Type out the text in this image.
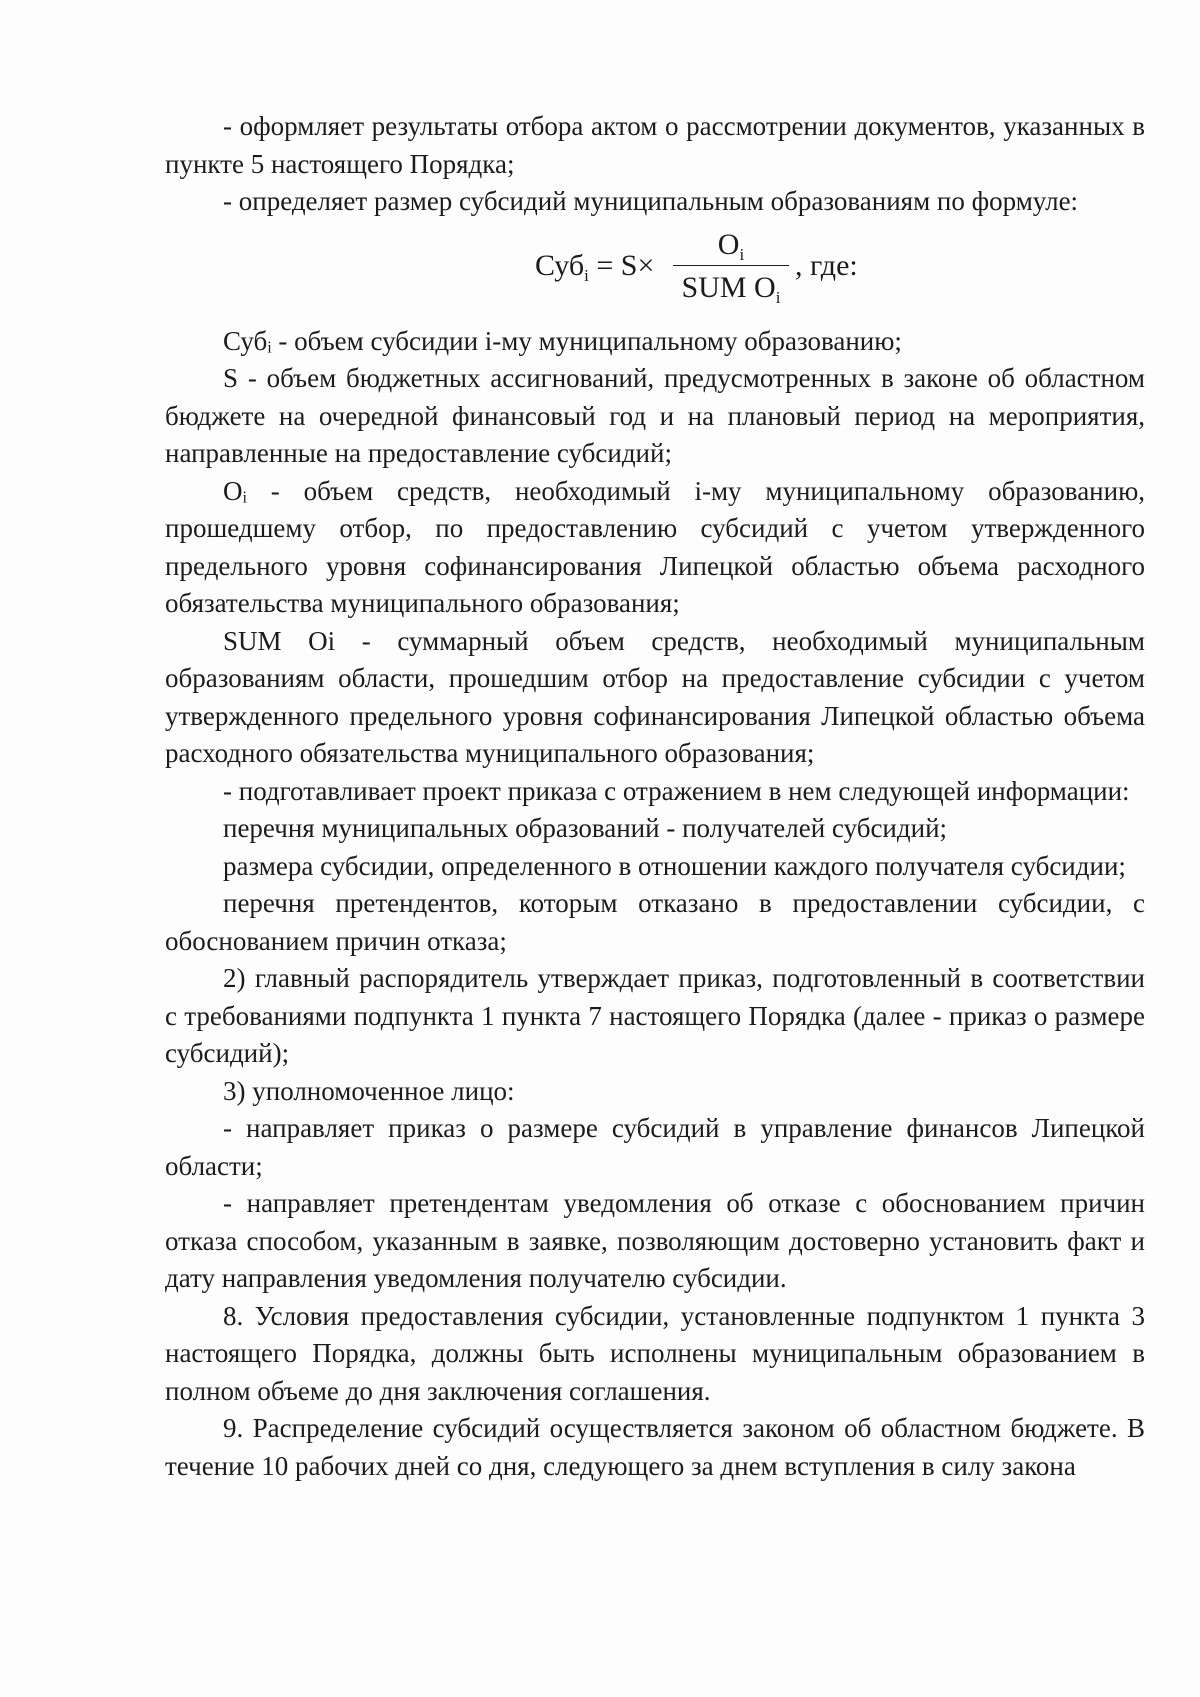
- оформляет результаты отбора актом о рассмотрении документов, указанных в пункте 5 настоящего Порядка;

- определяет размер субсидий муниципальным образованиям по формуле:

Суб$_i$ = S×
$O_i$
SUM $O_i$
, где:

Субᵢ - объем субсидии i-му муниципальному образованию;

S - объем бюджетных ассигнований, предусмотренных в законе об областном бюджете на очередной финансовый год и на плановый период на мероприятия, направленные на предоставление субсидий;

Oᵢ - объем средств, необходимый i-му муниципальному образованию, прошедшему отбор, по предоставлению субсидий с учетом утвержденного предельного уровня софинансирования Липецкой областью объема расходного обязательства муниципального образования;

SUM Oi - суммарный объем средств, необходимый муниципальным образованиям области, прошедшим отбор на предоставление субсидии с учетом утвержденного предельного уровня софинансирования Липецкой областью объема расходного обязательства муниципального образования;

- подготавливает проект приказа с отражением в нем следующей информации:

перечня муниципальных образований - получателей субсидий;

размера субсидии, определенного в отношении каждого получателя субсидии;

перечня претендентов, которым отказано в предоставлении субсидии, с обоснованием причин отказа;

2) главный распорядитель утверждает приказ, подготовленный в соответствии с требованиями подпункта 1 пункта 7 настоящего Порядка (далее - приказ о размере субсидий);

3) уполномоченное лицо:

- направляет приказ о размере субсидий в управление финансов Липецкой области;

- направляет претендентам уведомления об отказе с обоснованием причин отказа способом, указанным в заявке, позволяющим достоверно установить факт и дату направления уведомления получателю субсидии.

8. Условия предоставления субсидии, установленные подпунктом 1 пункта 3 настоящего Порядка, должны быть исполнены муниципальным образованием в полном объеме до дня заключения соглашения.

9. Распределение субсидий осуществляется законом об областном бюджете. В течение 10 рабочих дней со дня, следующего за днем вступления в силу закона
